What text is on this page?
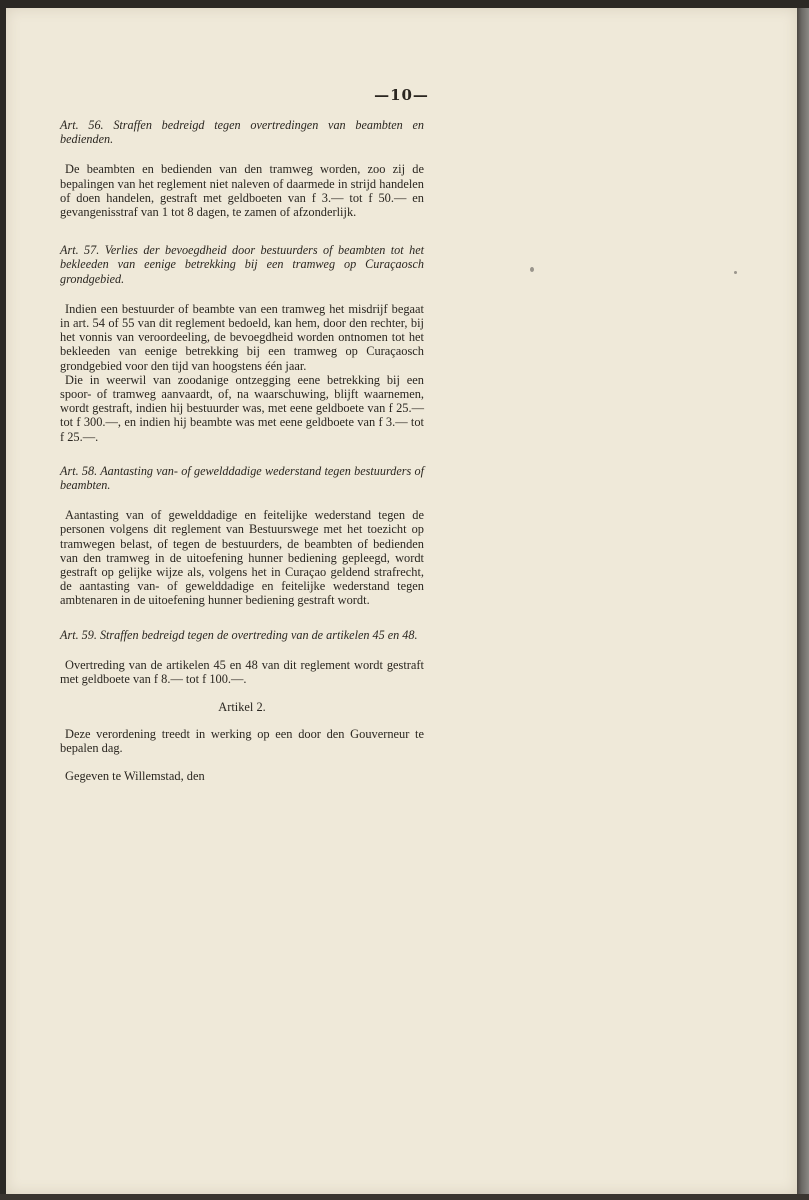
—10—

Art. 56. Straffen bedreigd tegen overtredingen van beambten en bedienden.

De beambten en bedienden van den tramweg worden, zoo zij de bepalingen van het reglement niet naleven of daarmede in strijd handelen of doen handelen, gestraft met geldboeten van f 3.— tot f 50.— en gevangenisstraf van 1 tot 8 dagen, te zamen of afzonderlijk.

Art. 57. Verlies der bevoegdheid door bestuurders of beambten tot het bekleeden van eenige betrekking bij een tramweg op Curaçaosch grondgebied.

Indien een bestuurder of beambte van een tramweg het misdrijf begaat in art. 54 of 55 van dit reglement bedoeld, kan hem, door den rechter, bij het vonnis van veroordeeling, de bevoegdheid worden ontnomen tot het bekleeden van eenige betrekking bij een tramweg op Curaçaosch grondgebied voor den tijd van hoogstens één jaar.

Die in weerwil van zoodanige ontzegging eene betrekking bij een spoor- of tramweg aanvaardt, of, na waarschuwing, blijft waarnemen, wordt gestraft, indien hij bestuurder was, met eene geldboete van f 25.— tot f 300.—, en indien hij beambte was met eene geldboete van f 3.— tot f 25.—.

Art. 58. Aantasting van- of gewelddadige wederstand tegen bestuurders of beambten.

Aantasting van of gewelddadige en feitelijke wederstand tegen de personen volgens dit reglement van Bestuurswege met het toezicht op tramwegen belast, of tegen de bestuurders, de beambten of bedienden van den tramweg in de uitoefening hunner bediening gepleegd, wordt gestraft op gelijke wijze als, volgens het in Curaçao geldend strafrecht, de aantasting van- of gewelddadige en feitelijke wederstand tegen ambtenaren in de uitoefening hunner bediening gestraft wordt.

Art. 59. Straffen bedreigd tegen de overtreding van de artikelen 45 en 48.

Overtreding van de artikelen 45 en 48 van dit reglement wordt gestraft met geldboete van f 8.— tot f 100.—.

Artikel 2.

Deze verordening treedt in werking op een door den Gouverneur te bepalen dag.

Gegeven te Willemstad, den
